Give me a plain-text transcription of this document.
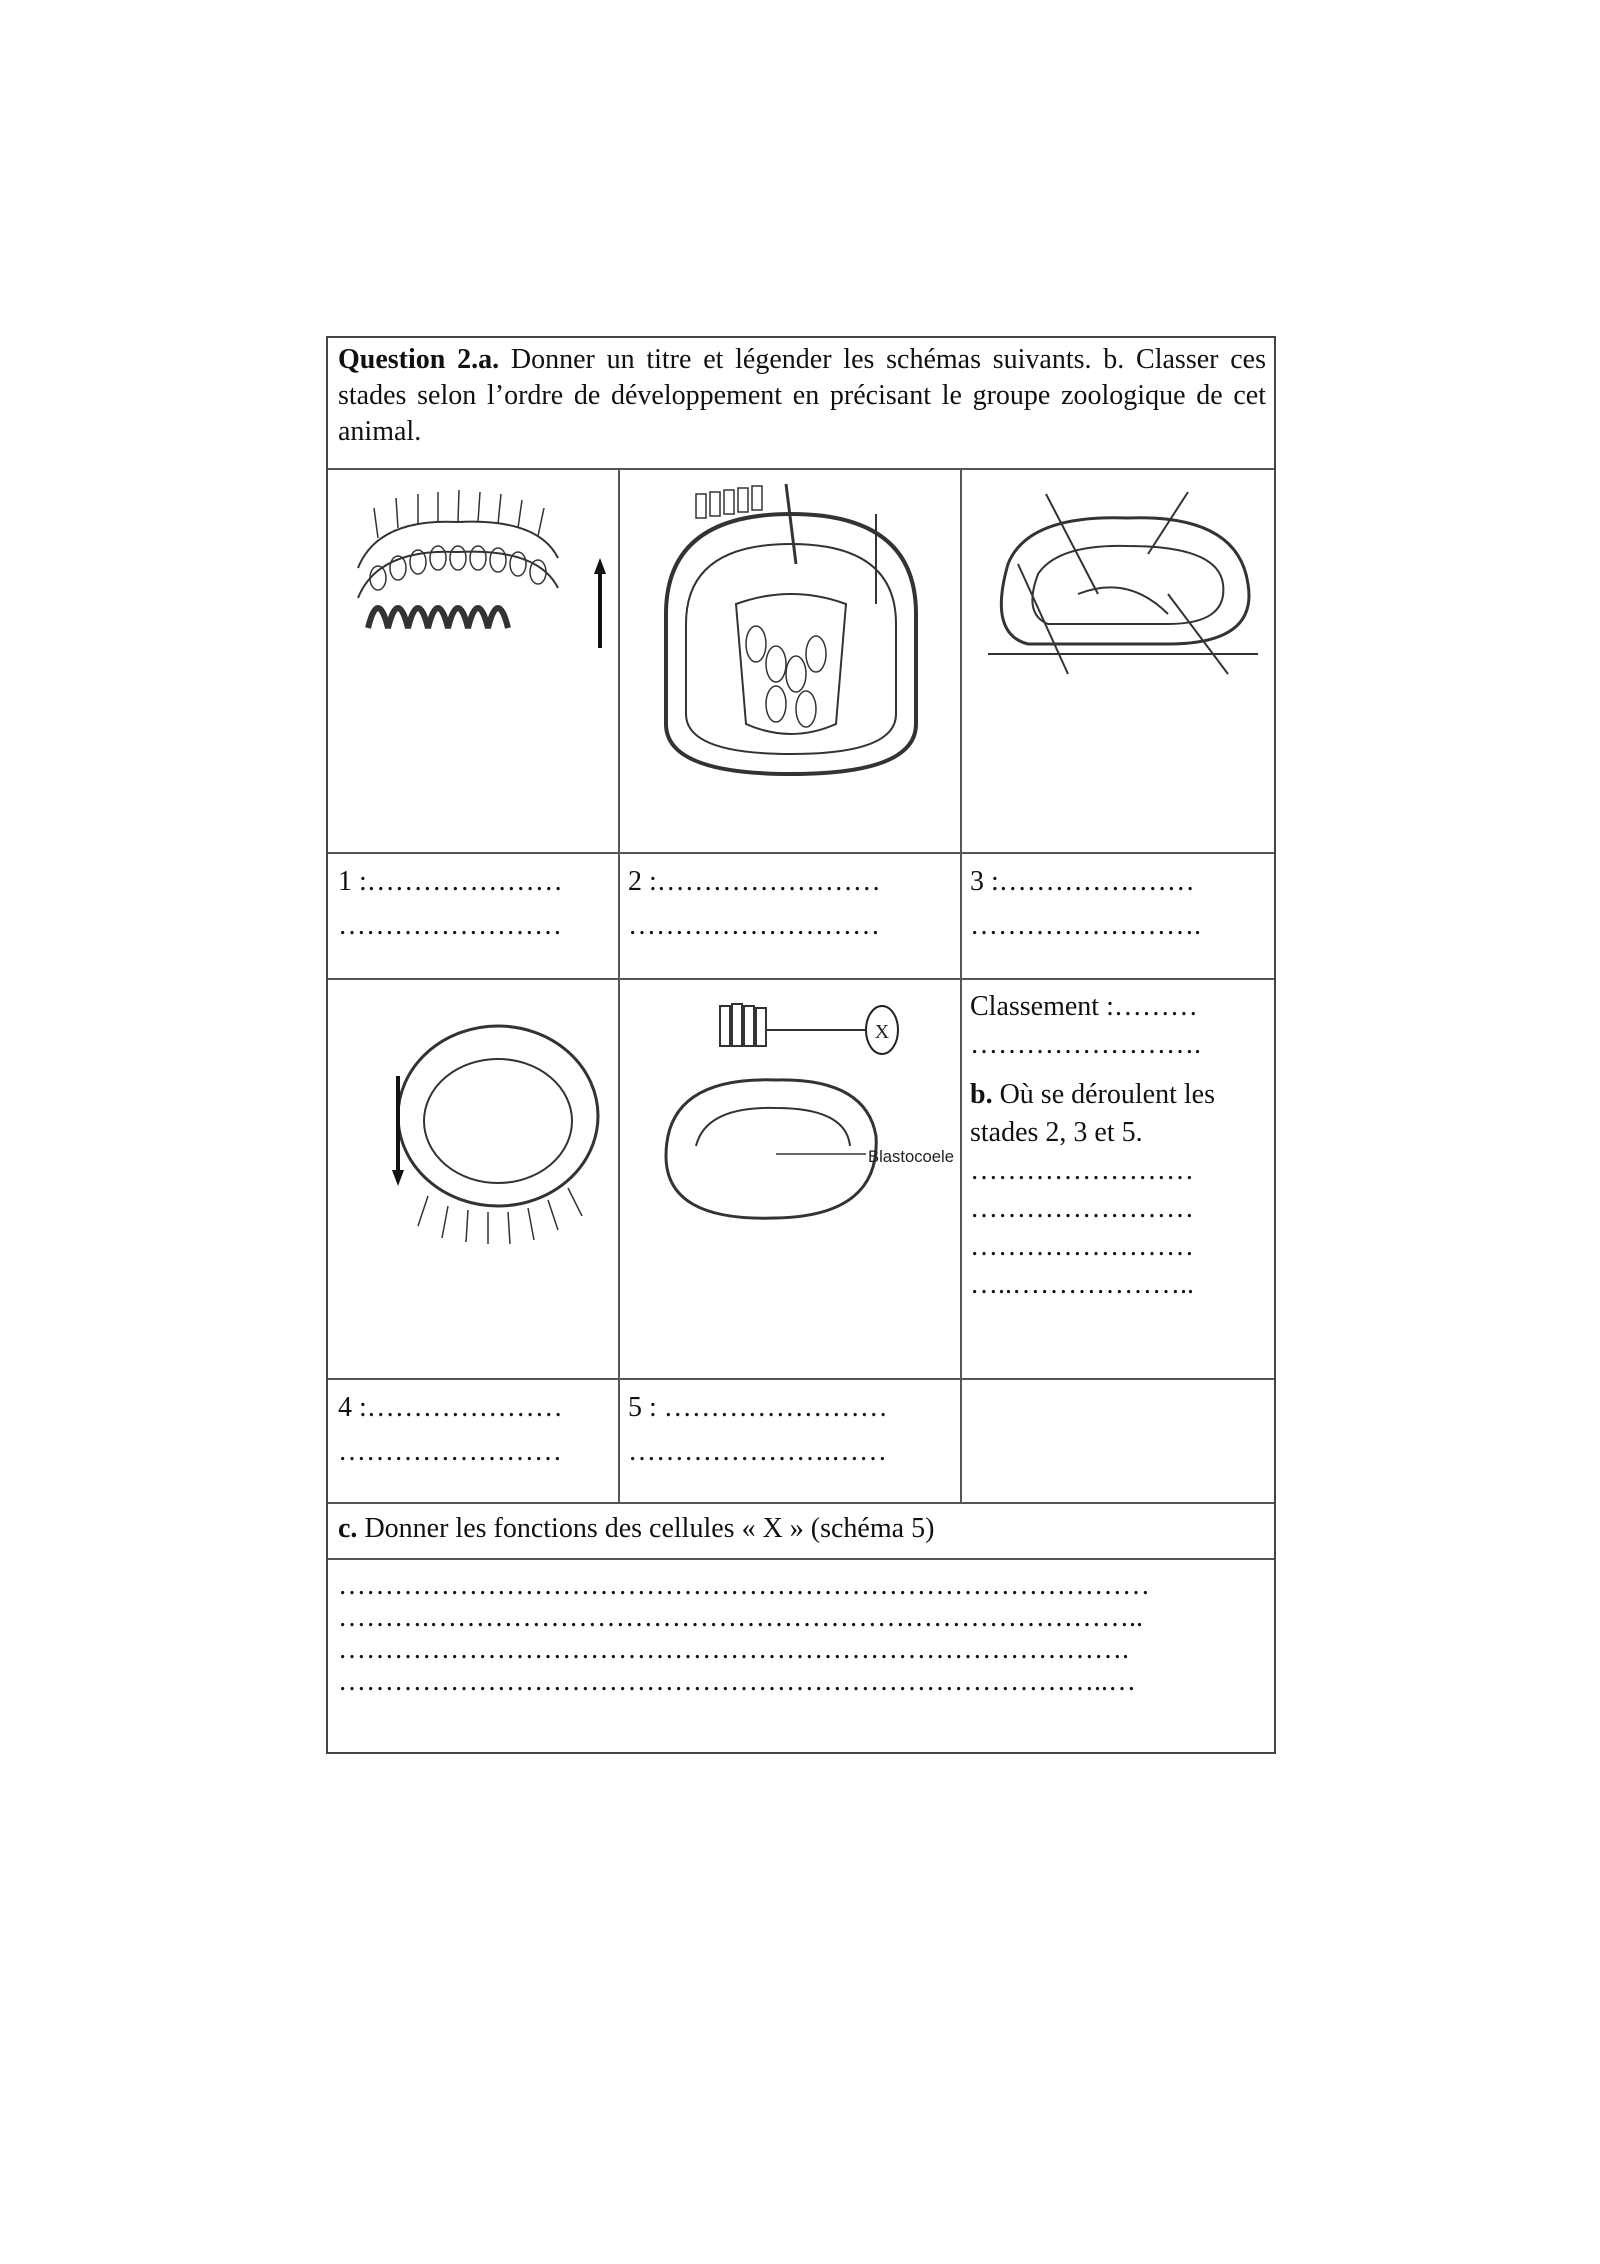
Question 2.a. Donner un titre et légender les schémas suivants. b. Classer ces stades selon l’ordre de développement en précisant le groupe zoologique de cet animal.
1 :…………………
……………………
2 :……………………
………………………
3 :…………………
…………………….
X
Blastocoele
Classement :………
…………………….
b. Où se déroulent les stades 2, 3 et 5.
……………………
……………………
……………………
…..………………..
4 :…………………
……………………
5 : ……………………
………………….……
c. Donner les fonctions des cellules « X » (schéma 5)
……………………………………………………………………………
……….…………………………………………………………………..
………………………………………………………………………….
………………………………………………………………………..…
